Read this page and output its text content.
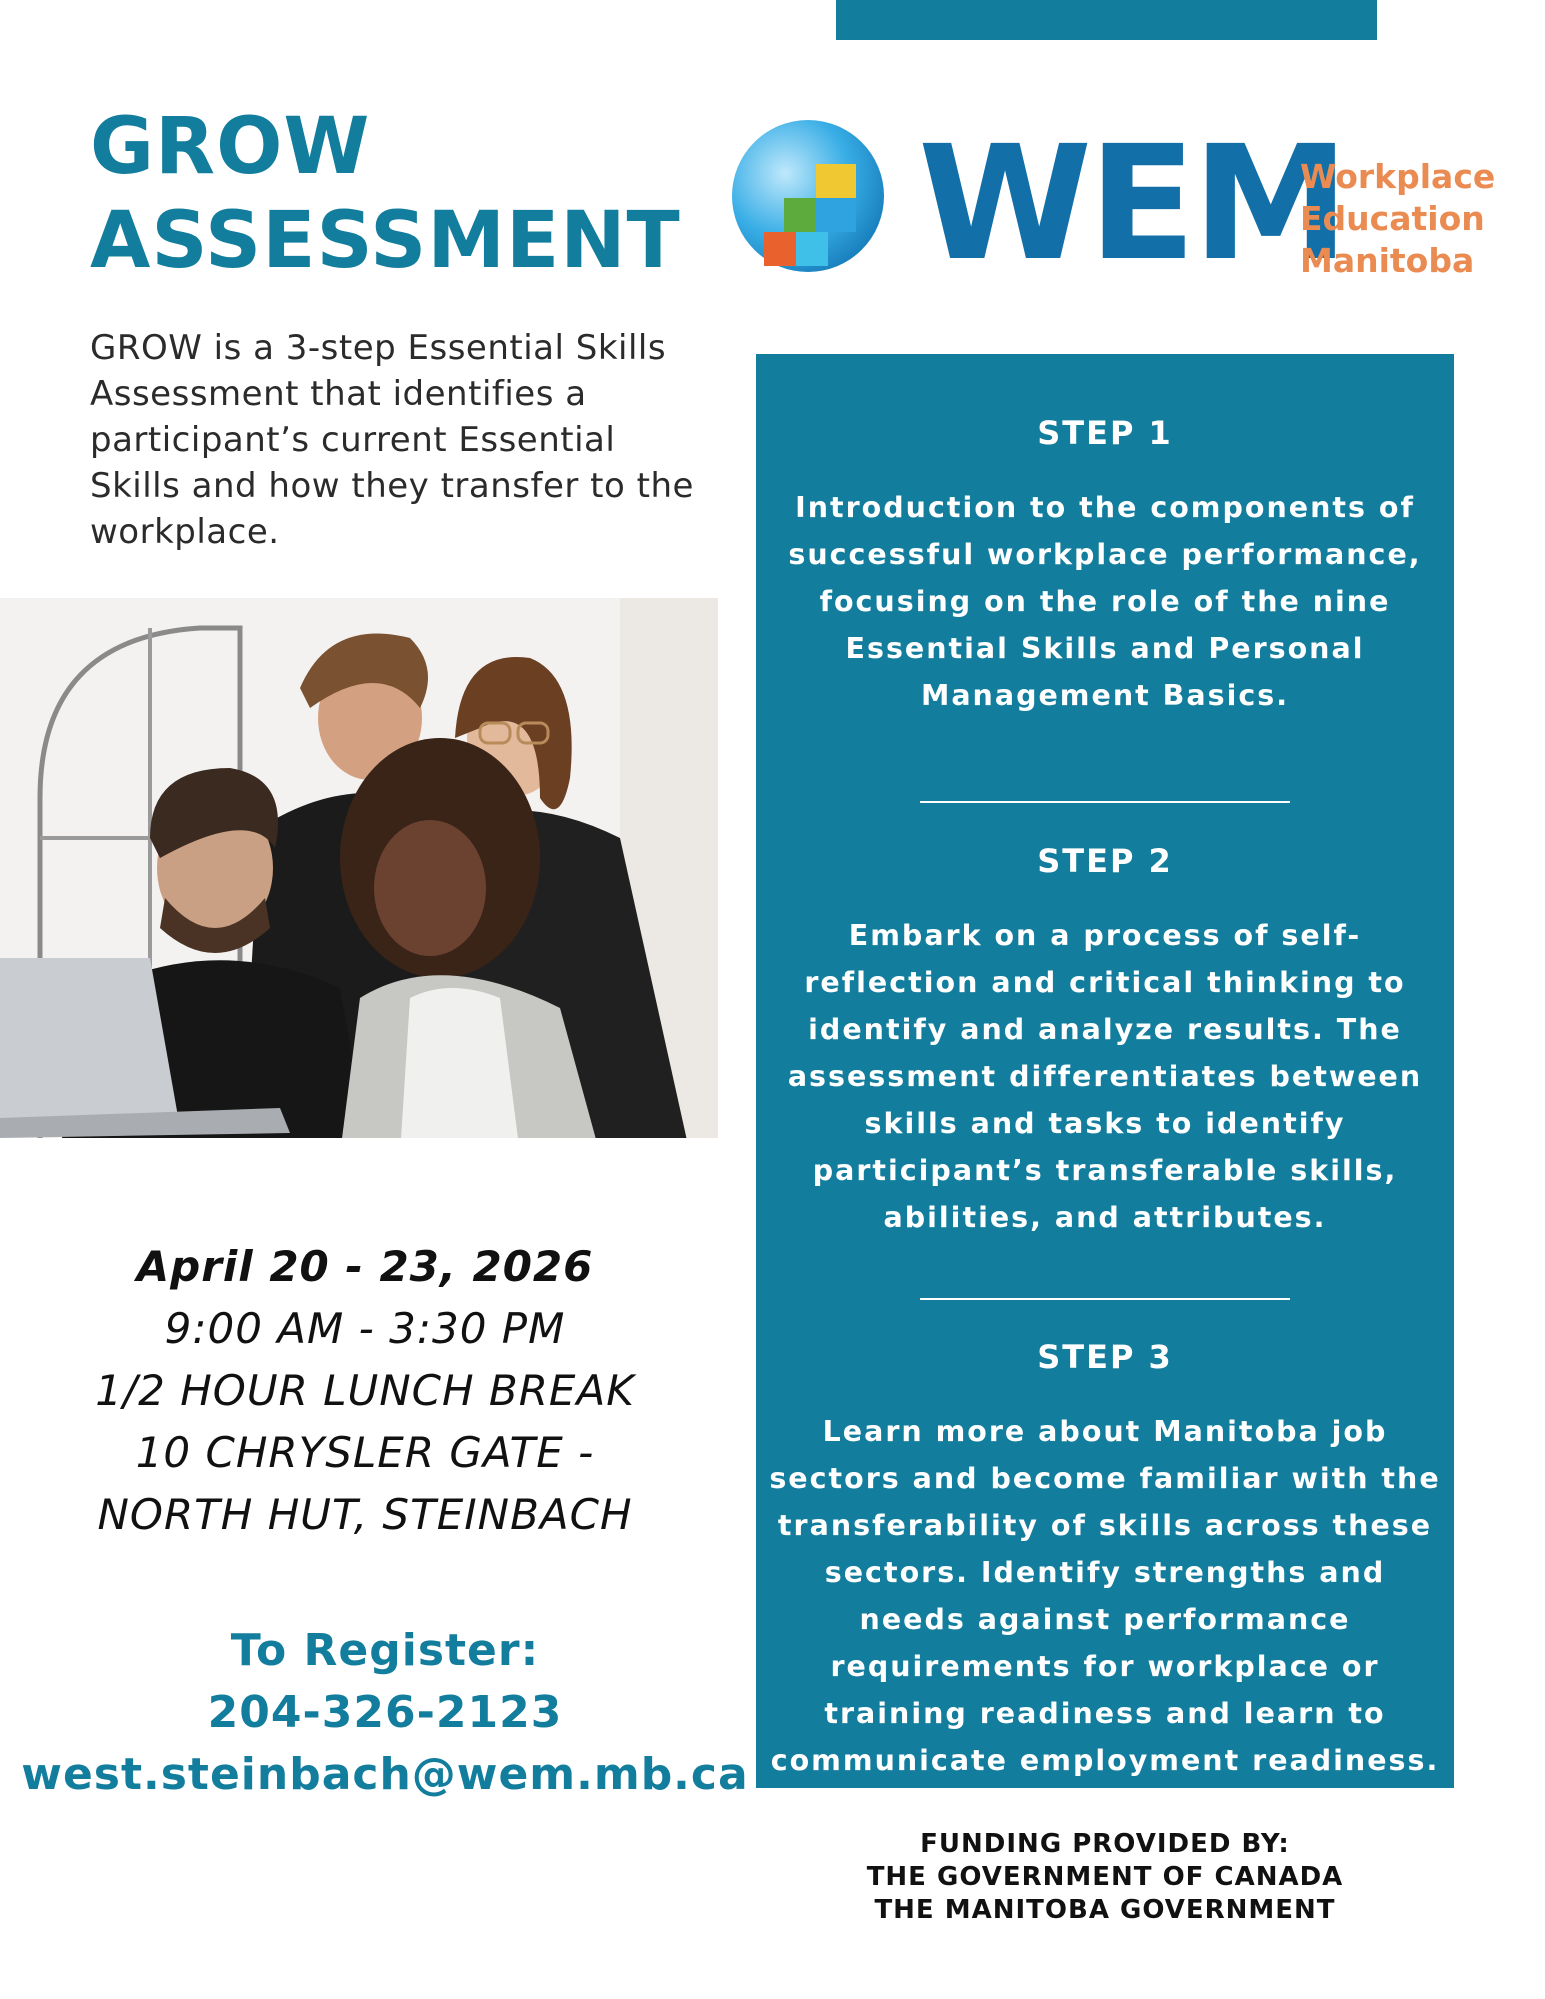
GROW
ASSESSMENT

GROW is a 3-step Essential Skills Assessment that identifies a participant’s current Essential Skills and how they transfer to the workplace.

WEM
Workplace
Education
Manitoba
April 20 - 23, 2026
9:00 AM - 3:30 PM
1/2 HOUR LUNCH BREAK
10 CHRYSLER GATE -
NORTH HUT, STEINBACH
To Register:
204-326-2123
west.steinbach@wem.mb.ca
STEP 1

Introduction to the components of successful workplace performance, focusing on the role of the nine Essential Skills and Personal Management Basics.

STEP 2

Embark on a process of self-reflection and critical thinking to identify and analyze results. The assessment differentiates between skills and tasks to identify participant’s transferable skills, abilities, and attributes.

STEP 3

Learn more about Manitoba job sectors and become familiar with the transferability of skills across these sectors. Identify strengths and needs against performance requirements for workplace or training readiness and learn to communicate employment readiness.

FUNDING PROVIDED BY:
THE GOVERNMENT OF CANADA
THE MANITOBA GOVERNMENT
